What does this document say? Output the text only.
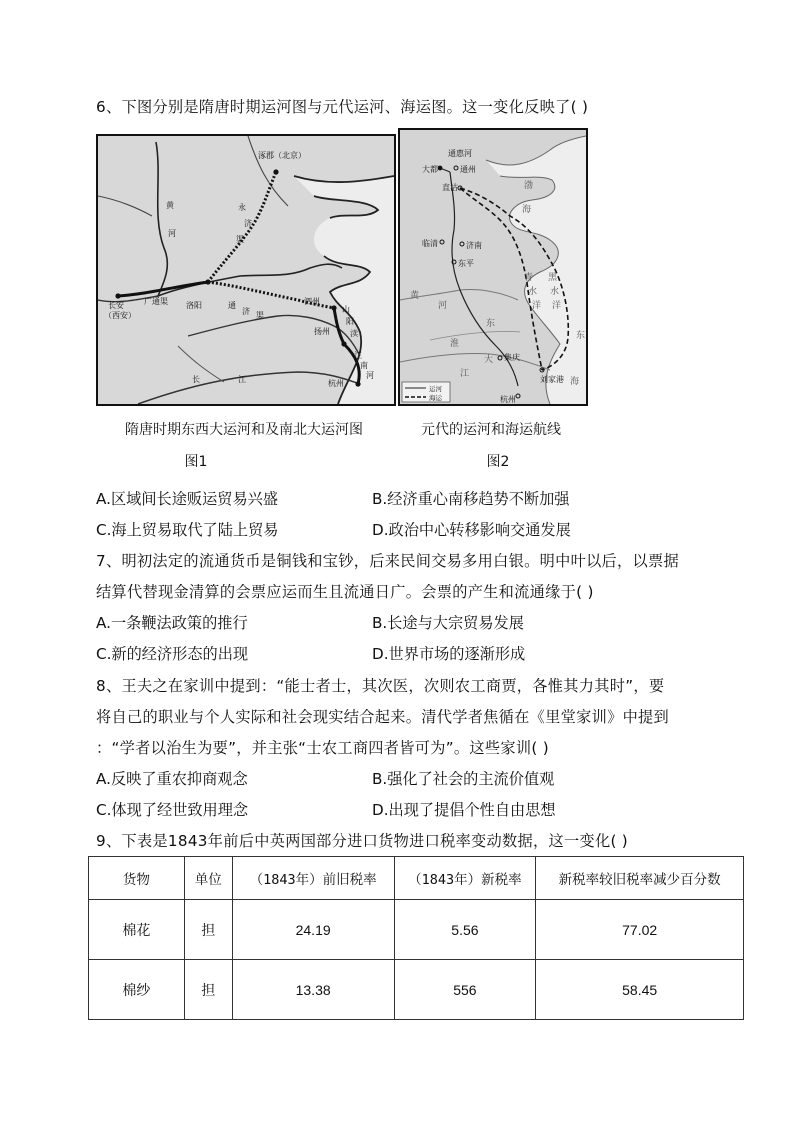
6、下图分别是隋唐时期运河图与元代运河、海运图。这一变化反映了( )
涿郡（北京）
黄
河
永
济
渠
长安
（西安）
广通渠 洛阳	通
济 渠
泗州
山
阳
渎
扬州
江
南
河
长	江	杭州
通惠河
大都	通州
直沽	渤
海
临清	济南
东平
青 黑
水 水
洋 洋
黄
河
东
东
淮
大 集庆
江
刘家港 海
杭州
运河
海运
隋唐时期东西大运河和及南北大运河图
图1
元代的运河和海运航线
图2
A.区域间长途贩运贸易兴盛	B.经济重心南移趋势不断加强
C.海上贸易取代了陆上贸易	D.政治中心转移影响交通发展
7、明初法定的流通货币是铜钱和宝钞，后来民间交易多用白银。明中叶以后，以票据
结算代替现金清算的会票应运而生且流通日广。会票的产生和流通缘于( )
A.一条鞭法政策的推行	B.长途与大宗贸易发展
C.新的经济形态的出现	D.世界市场的逐渐形成
8、王夫之在家训中提到：“能士者士，其次医，次则农工商贾，各惟其力其时”，要
将自己的职业与个人实际和社会现实结合起来。清代学者焦循在《里堂家训》中提到
：“学者以治生为要”，并主张“士农工商四者皆可为”。这些家训( )
A.反映了重农抑商观念	B.强化了社会的主流价值观
C.体现了经世致用理念	D.出现了提倡个性自由思想
9、下表是1843年前后中英两国部分进口货物进口税率变动数据，这一变化( )
货物	单位	（1843年）前旧税率	（1843年）新税率	新税率较旧税率减少百分数
棉花	担	24.19	5.56	77.02
棉纱	担	13.38	556	58.45
